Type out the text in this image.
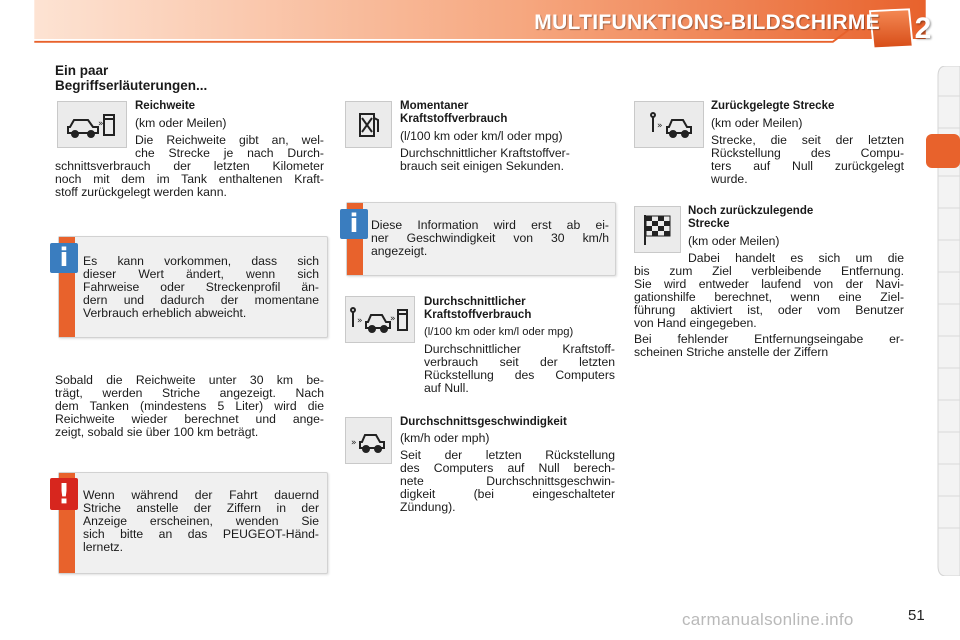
MULTIFUNKTIONS-BILDSCHIRME 2
Ein paar
Begriffserläuterungen...
»
Reichweite
(km oder Meilen)
Die Reichweite gibt an, wel-
che Strecke je nach Durch-
schnittsverbrauch der letzten Kilometer
noch mit dem im Tank enthaltenen Kraft-
stoff zurückgelegt werden kann.
Es kann vorkommen, dass sich
dieser Wert ändert, wenn sich
Fahrweise oder Streckenprofil än-
dern und dadurch der momentane
Verbrauch erheblich abweicht.
i
Sobald die Reichweite unter 30 km be-
trägt, werden Striche angezeigt. Nach
dem Tanken (mindestens 5 Liter) wird die
Reichweite wieder berechnet und ange-
zeigt, sobald sie über 100 km beträgt.
Wenn während der Fahrt dauernd
Striche anstelle der Ziffern in der
Anzeige erscheinen, wenden Sie
sich bitte an das PEUGEOT-Händ-
lernetz.
!
Momentaner
Kraftstoffverbrauch
(l/100 km oder km/l oder mpg)
Durchschnittlicher Kraftstoffver-
brauch seit einigen Sekunden.
Diese Information wird erst ab ei-
ner Geschwindigkeit von 30 km/h
angezeigt.
i
»	»
Durchschnittlicher
Kraftstoffverbrauch
(l/100 km oder km/l oder mpg)
Durchschnittlicher Kraftstoff-
verbrauch seit der letzten
Rückstellung des Computers
auf Null.
»
Durchschnittsgeschwindigkeit
(km/h oder mph)
Seit der letzten Rückstellung
des Computers auf Null berech-
nete Durchschnittsgeschwin-
digkeit (bei eingeschalteter
Zündung).
»
Zurückgelegte Strecke
(km oder Meilen)
Strecke, die seit der letzten
Rückstellung des Compu-
ters auf Null zurückgelegt
wurde.
Noch zurückzulegende
Strecke
(km oder Meilen)
Dabei handelt es sich um die
bis zum Ziel verbleibende Entfernung.
Sie wird entweder laufend von der Navi-
gationshilfe berechnet, wenn eine Ziel-
führung aktiviert ist, oder vom Benutzer
von Hand eingegeben.
Bei fehlender Entfernungseingabe er-
scheinen Striche anstelle der Ziffern
carmanualsonline.info	51
